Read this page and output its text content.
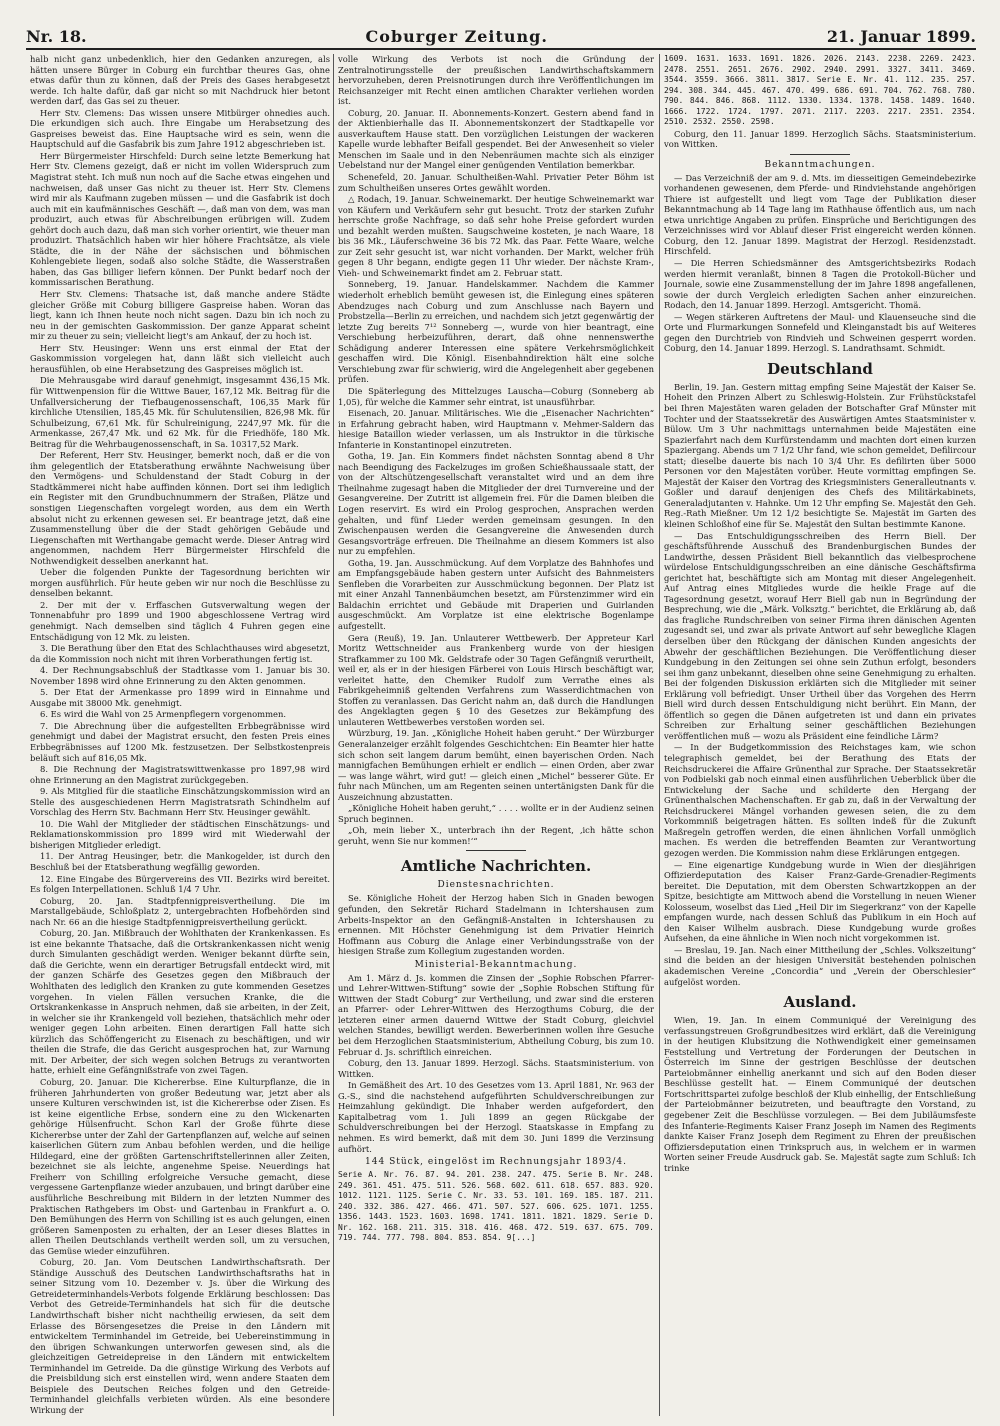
Nr. 18.	Coburger Zeitung.	21. Januar 1899.

halb nicht ganz unbedenklich, hier den Gedanken anzuregen, als hätten unsere Bürger in Coburg ein furchtbar theures Gas, ohne etwas dafür thun zu können, daß der Preis des Gases herabgesetzt werde. Ich halte dafür, daß gar nicht so mit Nachdruck hier betont werden darf, das Gas sei zu theuer.

Herr Stv. Clemens: Das wissen unsere Mitbürger ohnedies auch. Die erkundigen sich auch. Ihre Eingabe um Herabsetzung des Gaspreises beweist das. Eine Hauptsache wird es sein, wenn die Hauptschuld auf die Gasfabrik bis zum Jahre 1912 abgeschrieben ist.

Herr Bürgermeister Hirschfeld: Durch seine letzte Bemerkung hat Herr Stv. Clemens gezeigt, daß er nicht im vollen Widerspruch zum Magistrat steht. Ich muß nun noch auf die Sache etwas eingehen und nachweisen, daß unser Gas nicht zu theuer ist. Herr Stv. Clemens wird mir als Kaufmann zugeben müssen — und die Gasfabrik ist doch auch mit ein kaufmännisches Geschäft —, daß man von dem, was man produzirt, auch etwas für Abschreibungen erübrigen will. Zudem gehört doch auch dazu, daß man sich vorher orientirt, wie theuer man produzirt. Thatsächlich haben wir hier höhere Frachtsätze, als viele Städte, die in der Nähe der sächsischen und böhmischen Kohlengebiete liegen, sodaß also solche Städte, die Wasserstraßen haben, das Gas billiger liefern können. Der Punkt bedarf noch der kommissarischen Berathung.

Herr Stv. Clemens: Thatsache ist, daß manche andere Städte gleicher Größe mit Coburg billigere Gaspreise haben. Woran das liegt, kann ich Ihnen heute noch nicht sagen. Dazu bin ich noch zu neu in der gemischten Gaskommission. Der ganze Apparat scheint mir zu theuer zu sein; vielleicht liegt's am Ankauf, der zu hoch ist.

Herr Stv. Heusinger: Wenn uns erst einmal der Etat der Gaskommission vorgelegen hat, dann läßt sich vielleicht auch herausfühlen, ob eine Herabsetzung des Gaspreises möglich ist.

Die Mehrausgabe wird darauf genehmigt, insgesammt 436,15 Mk. für Wittwenpension für die Wittwe Bauer, 167,12 Mk. Beitrag für die Unfallversicherung der Tiefbaugenossenschaft, 106,35 Mark für kirchliche Utensilien, 185,45 Mk. für Schulutensilien, 826,98 Mk. für Schulbeizung, 67,61 Mk. für Schulreinigung, 2247,97 Mk. für die Armenkasse, 267,47 Mk. und 62 Mk. für die Friedhöfe, 180 Mk. Beitrag für die Wehrbaugenossenschaft, in Sa. 10317,52 Mark.

Der Referent, Herr Stv. Heusinger, bemerkt noch, daß er die von ihm gelegentlich der Etatsberathung erwähnte Nachweisung über den Vermögens- und Schuldenstand der Stadt Coburg in der Stadtkämmerei nicht habe auffinden können. Dort sei ihm lediglich ein Register mit den Grundbuchnummern der Straßen, Plätze und sonstigen Liegenschaften vorgelegt worden, aus dem ein Werth absolut nicht zu erkennen gewesen sei. Er beantrage jetzt, daß eine Zusammenstellung über die der Stadt gehörigen Gebäude und Liegenschaften mit Werthangabe gemacht werde. Dieser Antrag wird angenommen, nachdem Herr Bürgermeister Hirschfeld die Nothwendigkeit desselben anerkannt hat.

Ueber die folgenden Punkte der Tagesordnung berichten wir morgen ausführlich. Für heute geben wir nur noch die Beschlüsse zu denselben bekannt.

2. Der mit der v. Erffaschen Gutsverwaltung wegen der Tonnenabfuhr pro 1899 und 1900 abgeschlossene Vertrag wird genehmigt. Nach demselben sind täglich 4 Fuhren gegen eine Entschädigung von 12 Mk. zu leisten.

3. Die Berathung über den Etat des Schlachthauses wird abgesetzt, da die Kommission noch nicht mit ihren Vorberathungen fertig ist.

4. Der Rechnungsabschluß der Stadtkasse vom 1. Januar bis 30. November 1898 wird ohne Erinnerung zu den Akten genommen.

5. Der Etat der Armenkasse pro 1899 wird in Einnahme und Ausgabe mit 38000 Mk. genehmigt.

6. Es wird die Wahl von 25 Armenpflegern vorgenommen.

7. Die Abrechnung über die aufgestellten Erbbegräbnisse wird genehmigt und dabei der Magistrat ersucht, den festen Preis eines Erbbegräbnisses auf 1200 Mk. festzusetzen. Der Selbstkostenpreis beläuft sich auf 816,05 Mk.

8. Die Rechnung der Magistratswittwenkasse pro 1897,98 wird ohne Erinnerung an den Magistrat zurückgegeben.

9. Als Mitglied für die staatliche Einschätzungskommission wird an Stelle des ausgeschiedenen Herrn Magistratsrath Schindhelm auf Vorschlag des Herrn Stv. Bachmann Herr Stv. Heusinger gewählt.

10. Die Wahl der Mitglieder der städtischen Einschätzungs- und Reklamationskommission pro 1899 wird mit Wiederwahl der bisherigen Mitglieder erledigt.

11. Der Antrag Heusinger, betr. die Mankogelder, ist durch den Beschluß bei der Etatsberathung wegfällig geworden.

12. Eine Eingabe des Bürgervereins des VII. Bezirks wird bereitet. Es folgen Interpellationen. Schluß 1/4 7 Uhr.

Coburg, 20. Jan. Stadtpfennigpreisvertheilung. Die im Marstallgebäude, Schloßplatz 2, untergebrachten Hofbehörden sind nach Nr. 66 an die hiesige Stadtpfennigpreisvertheilung gerückt.

Coburg, 20. Jan. Mißbrauch der Wohlthaten der Krankenkassen. Es ist eine bekannte Thatsache, daß die Ortskrankenkassen nicht wenig durch Simulanten geschädigt werden. Weniger bekannt dürfte sein, daß die Gerichte, wenn ein derartiger Betrugsfall entdeckt wird, mit der ganzen Schärfe des Gesetzes gegen den Mißbrauch der Wohlthaten des lediglich den Kranken zu gute kommenden Gesetzes vorgehen. In vielen Fällen versuchen Kranke, die die Ortskrankenkasse in Anspruch nehmen, daß sie arbeiten, in der Zeit, in welcher sie ihr Krankengeld voll beziehen, thatsächlich mehr oder weniger gegen Lohn arbeiten. Einen derartigen Fall hatte sich kürzlich das Schöffengericht zu Eisenach zu beschäftigen, und wir theilen die Strafe, die das Gericht ausgesprochen hat, zur Warnung mit. Der Arbeiter, der sich wegen solchen Betrugs zu verantworten hatte, erhielt eine Gefängnißstrafe von zwei Tagen.

Coburg, 20. Januar. Die Kichererbse. Eine Kulturpflanze, die in früheren Jahrhunderten von großer Bedeutung war, jetzt aber als unsere Kulturen verschwinden ist, ist die Kichererbse oder Zisen. Es ist keine eigentliche Erbse, sondern eine zu den Wickenarten gehörige Hülsenfrucht. Schon Karl der Große führte diese Kichererbse unter der Zahl der Gartenpflanzen auf, welche auf seinen kaiserlichen Gütern zum Anbau befohlen werden, und die heilige Hildegard, eine der größten Gartenschriftstellerinnen aller Zeiten, bezeichnet sie als leichte, angenehme Speise. Neuerdings hat Freiherr von Schilling erfolgreiche Versuche gemacht, diese vergessene Gartenpflanze wieder anzubauen, und bringt darüber eine ausführliche Beschreibung mit Bildern in der letzten Nummer des Praktischen Rathgebers im Obst- und Gartenbau in Frankfurt a. O. Den Bemühungen des Herrn von Schilling ist es auch gelungen, einen größeren Samenposten zu erhalten, der an Leser dieses Blattes in allen Theilen Deutschlands vertheilt werden soll, um zu versuchen, das Gemüse wieder einzuführen.

Coburg, 20. Jan. Vom Deutschen Landwirthschaftsrath. Der Ständige Ausschuß des Deutschen Landwirthschaftsraths hat in seiner Sitzung vom 10. Dezember v. Js. über die Wirkung des Getreideterminhandels-Verbots folgende Erklärung beschlossen: Das Verbot des Getreide-Terminhandels hat sich für die deutsche Landwirthschaft bisher nicht nachtheilig erwiesen, da seit dem Erlasse des Börsengesetzes die Preise in den Ländern mit entwickeltem Terminhandel im Getreide, bei Uebereinstimmung in den übrigen Schwankungen unterworfen gewesen sind, als die gleichzeitigen Getreidepreise in den Ländern mit entwickeltem Terminhandel im Getreide. Da die günstige Wirkung des Verbots auf die Preisbildung sich erst einstellen wird, wenn andere Staaten dem Beispiele des Deutschen Reiches folgen und den Getreide-Terminhandel gleichfalls verbieten würden. Als eine besondere Wirkung der

volle Wirkung des Verbots ist noch die Gründung der Zentralnotirungsstelle der preußischen Landwirthschaftskammern hervorzuheben, deren Preisnotirungen durch ihre Veröffentlichungen im Reichsanzeiger mit Recht einen amtlichen Charakter verliehen worden ist.

Coburg, 20. Januar. II. Abonnements-Konzert. Gestern abend fand in der Aktienbierhalle das II. Abonnementskonzert der Stadtkapelle vor ausverkauftem Hause statt. Den vorzüglichen Leistungen der wackeren Kapelle wurde lebhafter Beifall gespendet. Bei der Anwesenheit so vieler Menschen im Saale und in den Nebenräumen machte sich als einziger Uebelstand nur der Mangel einer genügenden Ventilation bemerkbar.

Schenefeld, 20. Januar. Schultheißen-Wahl. Privatier Peter Böhm ist zum Schultheißen unseres Ortes gewählt worden.

△ Rodach, 19. Januar. Schweinemarkt. Der heutige Schweinemarkt war von Käufern und Verkäufern sehr gut besucht. Trotz der starken Zufuhr herrschte große Nachfrage, so daß sehr hohe Preise gefordert wurden und bezahlt werden mußten. Saugschweine kosteten, je nach Waare, 18 bis 36 Mk., Läuferschweine 36 bis 72 Mk. das Paar. Fette Waare, welche zur Zeit sehr gesucht ist, war nicht vorhanden. Der Markt, welcher früh gegen 8 Uhr begann, endigte gegen 11 Uhr wieder. Der nächste Kram-, Vieh- und Schweinemarkt findet am 2. Februar statt.

Sonneberg, 19. Januar. Handelskammer. Nachdem die Kammer wiederholt erheblich bemüht gewesen ist, die Einlegung eines späteren Abendzuges nach Coburg und zum Anschlusse nach Bayern und Probstzella—Berlin zu erreichen, und nachdem sich jetzt gegenwärtig der letzte Zug bereits 7¹² Sonneberg —, wurde von hier beantragt, eine Verschiebung herbeizuführen, derart, daß ohne nennenswerthe Schädigung anderer Interessen eine spätere Verkehrsmöglichkeit geschaffen wird. Die Königl. Eisenbahndirektion hält eine solche Verschiebung zwar für schwierig, wird die Angelegenheit aber gegebenen prüfen.

Die Späterlegung des Mittelzuges Lauscha—Coburg (Sonneberg ab 1,05), für welche die Kammer sehr eintrat, ist unausführbar.

Eisenach, 20. Januar. Militärisches. Wie die „Eisenacher Nachrichten“ in Erfahrung gebracht haben, wird Hauptmann v. Mehmer-Saldern das hiesige Bataillon wieder verlassen, um als Instruktor in die türkische Infanterie in Konstantinopel einzutreten.

Gotha, 19. Jan. Ein Kommers findet nächsten Sonntag abend 8 Uhr nach Beendigung des Fackelzuges im großen Schießhaussaale statt, der von der Altschützengesellschaft veranstaltet wird und an dem ihre Theilnahme zugesagt haben die Mitglieder der drei Turnvereine und der Gesangvereine. Der Zutritt ist allgemein frei. Für die Damen bleiben die Logen reservirt. Es wird ein Prolog gesprochen, Ansprachen werden gehalten, und fünf Lieder werden gemeinsam gesungen. In den Zwischenpausen werden die Gesangvereine die Anwesenden durch Gesangsvorträge erfreuen. Die Theilnahme an diesem Kommers ist also nur zu empfehlen.

Gotha, 19. Jan. Ausschmückung. Auf dem Vorplatze des Bahnhofes und am Empfangsgebäude haben gestern unter Aufsicht des Bahnmeisters Senfleben die Vorarbeiten zur Ausschmückung begonnen. Der Platz ist mit einer Anzahl Tannenbäumchen besetzt, am Fürstenzimmer wird ein Baldachin errichtet und Gebäude mit Draperien und Guirlanden ausgeschmückt. Am Vorplatze ist eine elektrische Bogenlampe aufgestellt.

Gera (Reuß), 19. Jan. Unlauterer Wettbewerb. Der Appreteur Karl Moritz Wettschneider aus Frankenberg wurde von der hiesigen Strafkammer zu 100 Mk. Geldstrafe oder 30 Tagen Gefängniß verurtheilt, weil er, als er in der hiesigen Färberei von Louis Hirsch beschäftigt war, verleitet hatte, den Chemiker Rudolf zum Verrathe eines als Fabrikgeheimniß geltenden Verfahrens zum Wasserdichtmachen von Stoffen zu veranlassen. Das Gericht nahm an, daß durch die Handlungen des Angeklagten gegen § 10 des Gesetzes zur Bekämpfung des unlauteren Wettbewerbes verstoßen worden sei.

Würzburg, 19. Jan. „Königliche Hoheit haben geruht.“ Der Würzburger Generalanzeiger erzählt folgendes Geschichtchen: Ein Beamter hier hatte sich schon seit langem darum bemüht, einen bayerischen Orden. Nach mannigfachen Bemühungen erhielt er endlich — einen Orden, aber zwar — was lange währt, wird gut! — gleich einen „Michel“ besserer Güte. Er fuhr nach München, um am Regenten seinen untertänigsten Dank für die Auszeichnung abzustatten.

„Königliche Hoheit haben geruht,“ . . . . wollte er in der Audienz seinen Spruch beginnen.

„Oh, mein lieber X., unterbrach ihn der Regent, ‚ich hätte schon geruht, wenn Sie nur kommen!‘“

Amtliche Nachrichten.
Dienstesnachrichten.

Se. Königliche Hoheit der Herzog haben Sich in Gnaden bewogen gefunden, den Sekretär Richard Stadelmann in Ichtershausen zum Arbeits-Inspektor an den Gefängniß-Anstalten in Ichtershausen zu ernennen. Mit Höchster Genehmigung ist dem Privatier Heinrich Hoffmann aus Coburg die Anlage einer Verbindungsstraße von der hiesigen Straße zum Kollegium zugestanden worden.

Ministerial-Bekanntmachung.

Am 1. März d. Js. kommen die Zinsen der „Sophie Robschen Pfarrer- und Lehrer-Wittwen-Stiftung“ sowie der „Sophie Robschen Stiftung für Wittwen der Stadt Coburg“ zur Vertheilung, und zwar sind die ersteren an Pfarrer- oder Lehrer-Wittwen des Herzogthums Coburg, die der letzteren einer armen dauernd Wittwe der Stadt Coburg, gleichviel welchen Standes, bewilligt werden. Bewerberinnen wollen ihre Gesuche bei dem Herzoglichen Staatsministerium, Abtheilung Coburg, bis zum 10. Februar d. Js. schriftlich einreichen.

Coburg, den 13. Januar 1899. Herzogl. Sächs. Staatsministerium. von Wittken.

In Gemäßheit des Art. 10 des Gesetzes vom 13. April 1881, Nr. 963 der G.-S., sind die nachstehend aufgeführten Schuldverschreibungen zur Heimzahlung gekündigt. Die Inhaber werden aufgefordert, den Kapitalbetrag vom 1. Juli 1899 an gegen Rückgabe der Schuldverschreibungen bei der Herzogl. Staatskasse in Empfang zu nehmen. Es wird bemerkt, daß mit dem 30. Juni 1899 die Verzinsung aufhört.

144 Stück, eingelöst im Rechnungsjahr 1893/4.

Serie A. Nr. 76. 87. 94. 201. 238. 247. 475. Serie B. Nr. 248. 249. 361. 451. 475. 511. 526. 568. 602. 611. 618. 657. 883. 920. 1012. 1121. 1125. Serie C. Nr. 33. 53. 101. 169. 185. 187. 211. 240. 332. 386. 427. 466. 471. 507. 527. 606. 625. 1071. 1255. 1356. 1443. 1523. 1603. 1698. 1741. 1811. 1821. 1829. Serie D. Nr. 162. 168. 211. 315. 318. 416. 468. 472. 519. 637. 675. 709. 719. 744. 777. 798. 804. 853. 854. 9[...]

1609. 1631. 1633. 1691. 1826. 2026. 2143. 2238. 2269. 2423. 2478. 2551. 2651. 2676. 2902. 2940. 2991. 3327. 3411. 3469. 3544. 3559. 3666. 3811. 3817. Serie E. Nr. 41. 112. 235. 257. 294. 308. 344. 445. 467. 470. 499. 686. 691. 704. 762. 768. 780. 790. 844. 846. 868. 1112. 1330. 1334. 1378. 1458. 1489. 1640. 1666. 1722. 1724. 1797. 2071. 2117. 2203. 2217. 2351. 2354. 2510. 2532. 2550. 2598.

Coburg, den 11. Januar 1899. Herzoglich Sächs. Staatsministerium. von Wittken.

Bekanntmachungen.

— Das Verzeichniß der am 9. d. Mts. im diesseitigen Gemeindebezirke vorhandenen gewesenen, dem Pferde- und Rindviehstande angehörigen Thiere ist aufgestellt und liegt vom Tage der Publikation dieser Bekanntmachung ab 14 Tage lang im Rathhause öffentlich aus, um nach etwa unrichtige Angaben zu prüfen. Einsprüche und Berichtigungen des Verzeichnisses wird vor Ablauf dieser Frist eingereicht werden können. Coburg, den 12. Januar 1899. Magistrat der Herzogl. Residenzstadt. Hirschfeld.

— Die Herren Schiedsmänner des Amtsgerichtsbezirks Rodach werden hiermit veranlaßt, binnen 8 Tagen die Protokoll-Bücher und Journale, sowie eine Zusammenstellung der im Jahre 1898 angefallenen, sowie der durch Vergleich erledigten Sachen anher einzureichen. Rodach, den 14. Januar 1899. Herzogl. Amtsgericht. Thomä.

— Wegen stärkeren Auftretens der Maul- und Klauenseuche sind die Orte und Flurmarkungen Sonnefeld und Kleinganstadt bis auf Weiteres gegen den Durchtrieb von Rindvieh und Schweinen gesperrt worden. Coburg, den 14. Januar 1899. Herzogl. S. Landrathsamt. Schmidt.

Deutschland

Berlin, 19. Jan. Gestern mittag empfing Seine Majestät der Kaiser Se. Hoheit den Prinzen Albert zu Schleswig-Holstein. Zur Frühstückstafel bei Ihren Majestäten waren geladen der Botschafter Graf Münster mit Tochter und der Staatssekretär des Auswärtigen Amtes Staatsminister v. Bülow. Um 3 Uhr nachmittags unternahmen beide Majestäten eine Spazierfahrt nach dem Kurfürstendamm und machten dort einen kurzen Spaziergang. Abends um 7 1/2 Uhr fand, wie schon gemeldet, Defilircour statt; dieselbe dauerte bis nach 10 3/4 Uhr. Es defilirten über 5000 Personen vor den Majestäten vorüber. Heute vormittag empfingen Se. Majestät der Kaiser den Vortrag des Kriegsministers Generalleutnants v. Goßler und darauf denjenigen des Chefs des Militärkabinets, Generaladjutanten v. Hahnke. Um 12 Uhr empfing Se. Majestät den Geh. Reg.-Rath Mießner. Um 12 1/2 besichtigte Se. Majestät im Garten des kleinen Schloßhof eine für Se. Majestät den Sultan bestimmte Kanone.

— Das Entschuldigungsschreiben des Herrn Biell. Der geschäftsführende Ausschuß des Brandenburgischen Bundes der Landwirthe, dessen Präsident Biell bekanntlich das vielbesprochene würdelose Entschuldigungsschreiben an eine dänische Geschäftsfirma gerichtet hat, beschäftigte sich am Montag mit dieser Angelegenheit. Auf Antrag eines Mitgliedes wurde die heikle Frage auf die Tagesordnung gesetzt, worauf Herr Biell gab nun in Begründung der Besprechung, wie die „Märk. Volksztg.“ berichtet, die Erklärung ab, daß das fragliche Rundschreiben von seiner Firma ihren dänischen Agenten zugesandt sei, und zwar als private Antwort auf sehr bewegliche Klagen derselben über den Rückgang der dänischen Kunden angesichts der Abwehr der geschäftlichen Beziehungen. Die Veröffentlichung dieser Kundgebung in den Zeitungen sei ohne sein Zuthun erfolgt, besonders sei ihm ganz unbekannt, dieselben ohne seine Genehmigung zu erhalten. Bei der folgenden Diskussion erklärten sich die Mitglieder mit seiner Erklärung voll befriedigt. Unser Urtheil über das Vorgehen des Herrn Biell wird durch dessen Entschuldigung nicht berührt. Ein Mann, der öffentlich so gegen die Dänen aufgetreten ist und dann ein privates Schreiben zur Erhaltung seiner geschäftlichen Beziehungen veröffentlichen muß — wozu als Präsident eine feindliche Lärm?

— In der Budgetkommission des Reichstages kam, wie schon telegraphisch gemeldet, bei der Berathung des Etats der Reichsdruckerei die Affaire Grünenthal zur Sprache. Der Staatssekretär von Podbielski gab noch einmal einen ausführlichen Ueberblick über die Entwickelung der Sache und schilderte den Hergang der Grünenthalschen Machenschaften. Er gab zu, daß in der Verwaltung der Reichsdruckerei Mängel vorhanden gewesen seien, die zu dem Vorkommniß beigetragen hätten. Es sollten indeß für die Zukunft Maßregeln getroffen werden, die einen ähnlichen Vorfall unmöglich machen. Es werden die betreffenden Beamten zur Verantwortung gezogen werden. Die Kommission nahm diese Erklärungen entgegen.

— Eine eigenartige Kundgebung wurde in Wien der diesjährigen Offizierdeputation des Kaiser Franz-Garde-Grenadier-Regiments bereitet. Die Deputation, mit dem Obersten Schwartzkoppen an der Spitze, besichtigte am Mittwoch abend die Vorstellung in neuen Wiener Kolosseum, woselbst das Lied „Heil Dir im Siegerkranz“ von der Kapelle empfangen wurde, nach dessen Schluß das Publikum in ein Hoch auf den Kaiser Wilhelm ausbrach. Diese Kundgebung wurde großes Aufsehen, da eine ähnliche in Wien noch nicht vorgekommen ist.

— Breslau, 19. Jan. Nach einer Mittheilung der „Schles. Volkszeitung“ sind die beiden an der hiesigen Universität bestehenden polnischen akademischen Vereine „Concordia“ und „Verein der Oberschlesier“ aufgelöst worden.

Ausland.

Wien, 19. Jan. In einem Communiqué der Vereinigung des verfassungstreuen Großgrundbesitzes wird erklärt, daß die Vereinigung in der heutigen Klubsitzung die Nothwendigkeit einer gemeinsamen Feststellung und Vertretung der Forderungen der Deutschen in Österreich im Sinne der gestrigen Beschlüsse der deutschen Parteiobmänner einhellig anerkannt und sich auf den Boden dieser Beschlüsse gestellt hat. — Einem Communiqué der deutschen Fortschrittspartei zufolge beschloß der Klub einhellig, der Entschließung der Parteiobmänner beizutreten, und beauftragte den Vorstand, zu gegebener Zeit die Beschlüsse vorzulegen. — Bei dem Jubiläumsfeste des Infanterie-Regiments Kaiser Franz Joseph im Namen des Regiments dankte Kaiser Franz Joseph dem Regiment zu Ehren der preußischen Offiziersdeputation einen Trinkspruch aus, in welchem er in warmen Worten seiner Freude Ausdruck gab. Se. Majestät sagte zum Schluß: Ich trinke
